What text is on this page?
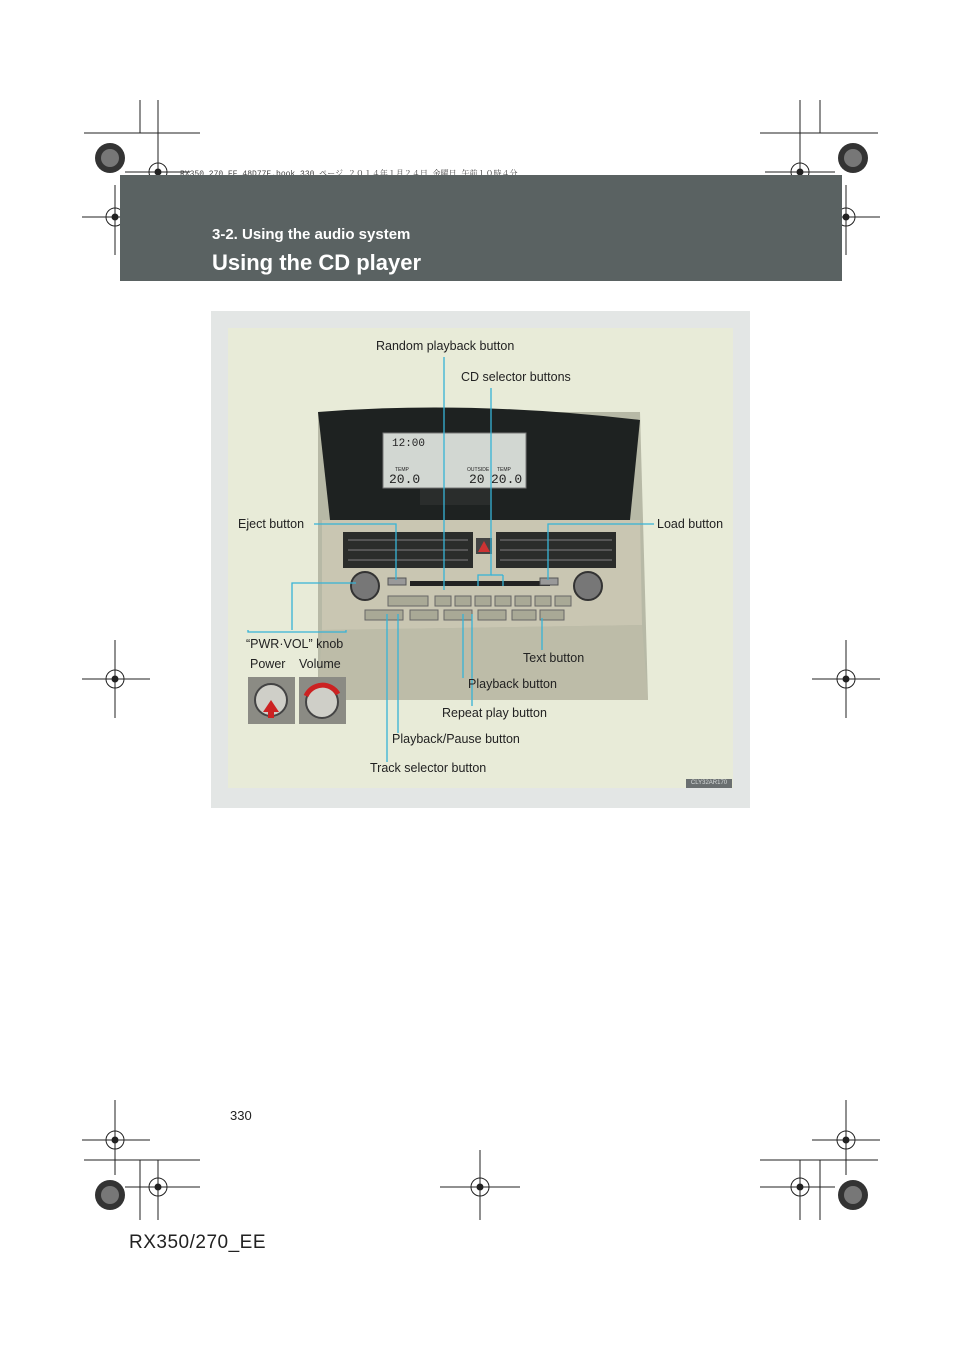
3-2. Using the audio system
Using the CD player
12:00
TEMP
20.0
OUTSIDE
20
TEMP
20.0
Random playback button
CD selector buttons
Eject button	Load button
“PWR·VOL” knob
Power Volume	Text button
Playback button
Repeat play button
Playback/Pause button
Track selector button
CLY32AR170
330
RX350/270_EE
